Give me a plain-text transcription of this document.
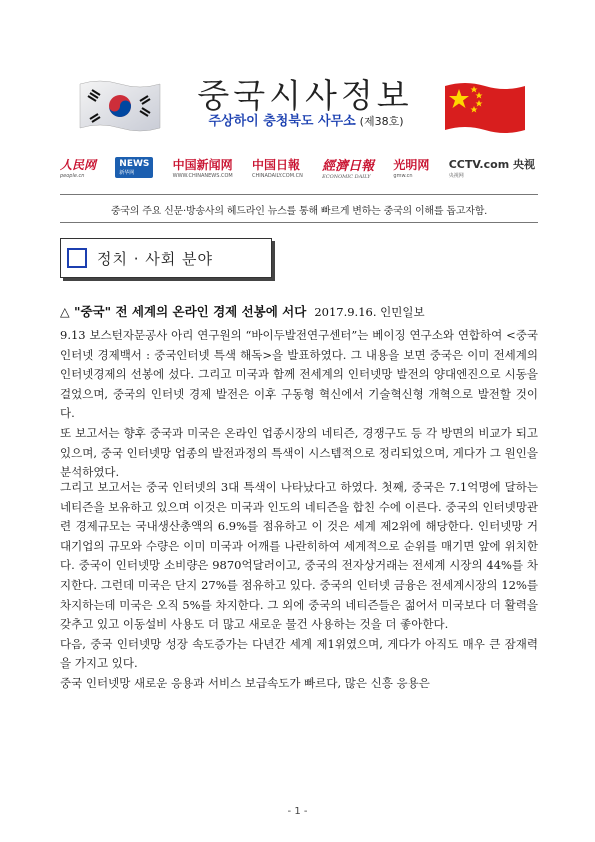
중국시사정보
주상하이 충청북도 사무소 (제38호)
人民网
people.cn
NEWS
新华网
中国新闻网
WWW.CHINANEWS.COM
中国日報
CHINADAILY.COM.CN
經濟日報
ECONOMIC DAILY
光明网
gmw.cn
CCTV.com 央视
央视网
중국의 주요 신문·방송사의 헤드라인 뉴스를 통해 빠르게 변하는 중국의 이해를 돕고자함.
정치 · 사회 분야
△ "중국" 전 세계의 온라인 경제 선봉에 서다 2017.9.16. 인민일보

9.13 보스턴자문공사 아리 연구원의 “바이두발전연구센터”는 베이징 연구소와 연합하여 <중국인터넷 경제백서 : 중국인터넷 특색 해독>을 발표하였다. 그 내용을 보면 중국은 이미 전세계의 인터넷경제의 선봉에 섰다. 그리고 미국과 함께 전세계의 인터넷망 발전의 양대엔진으로 시동을 걸었으며, 중국의 인터넷 경제 발전은 이후 구동형 혁신에서 기술혁신형 개혁으로 발전할 것이다.

또 보고서는 향후 중국과 미국은 온라인 업종시장의 네티즌, 경쟁구도 등 각 방면의 비교가 되고 있으며, 중국 인터넷망 업종의 발전과정의 특색이 시스템적으로 정리되었으며, 게다가 그 원인을 분석하였다.

그리고 보고서는 중국 인터넷의 3대 특색이 나타났다고 하였다. 첫째, 중국은 7.1억명에 달하는 네티즌을 보유하고 있으며 이것은 미국과 인도의 네티즌을 합친 수에 이른다. 중국의 인터넷망관련 경제규모는 국내생산총액의 6.9%를 점유하고 이 것은 세계 제2위에 해당한다. 인터넷망 거대기업의 규모와 수량은 이미 미국과 어깨를 나란히하여 세계적으로 순위를 매기면 앞에 위치한다. 중국이 인터넷망 소비량은 9870억달러이고, 중국의 전자상거래는 전세계 시장의 44%를 차지한다. 그런데 미국은 단지 27%를 점유하고 있다. 중국의 인터넷 금융은 전세계시장의 12%를 차지하는데 미국은 오직 5%를 차지한다. 그 외에 중국의 네티즌들은 젊어서 미국보다 더 활력을 갖추고 있고 이동설비 사용도 더 많고 새로운 물건 사용하는 것을 더 좋아한다.

다음, 중국 인터넷망 성장 속도증가는 다년간 세계 제1위였으며, 게다가 아직도 매우 큰 잠재력을 가지고 있다.

중국 인터넷망 새로운 응용과 서비스 보급속도가 빠르다, 많은 신흥 응용은

- 1 -
